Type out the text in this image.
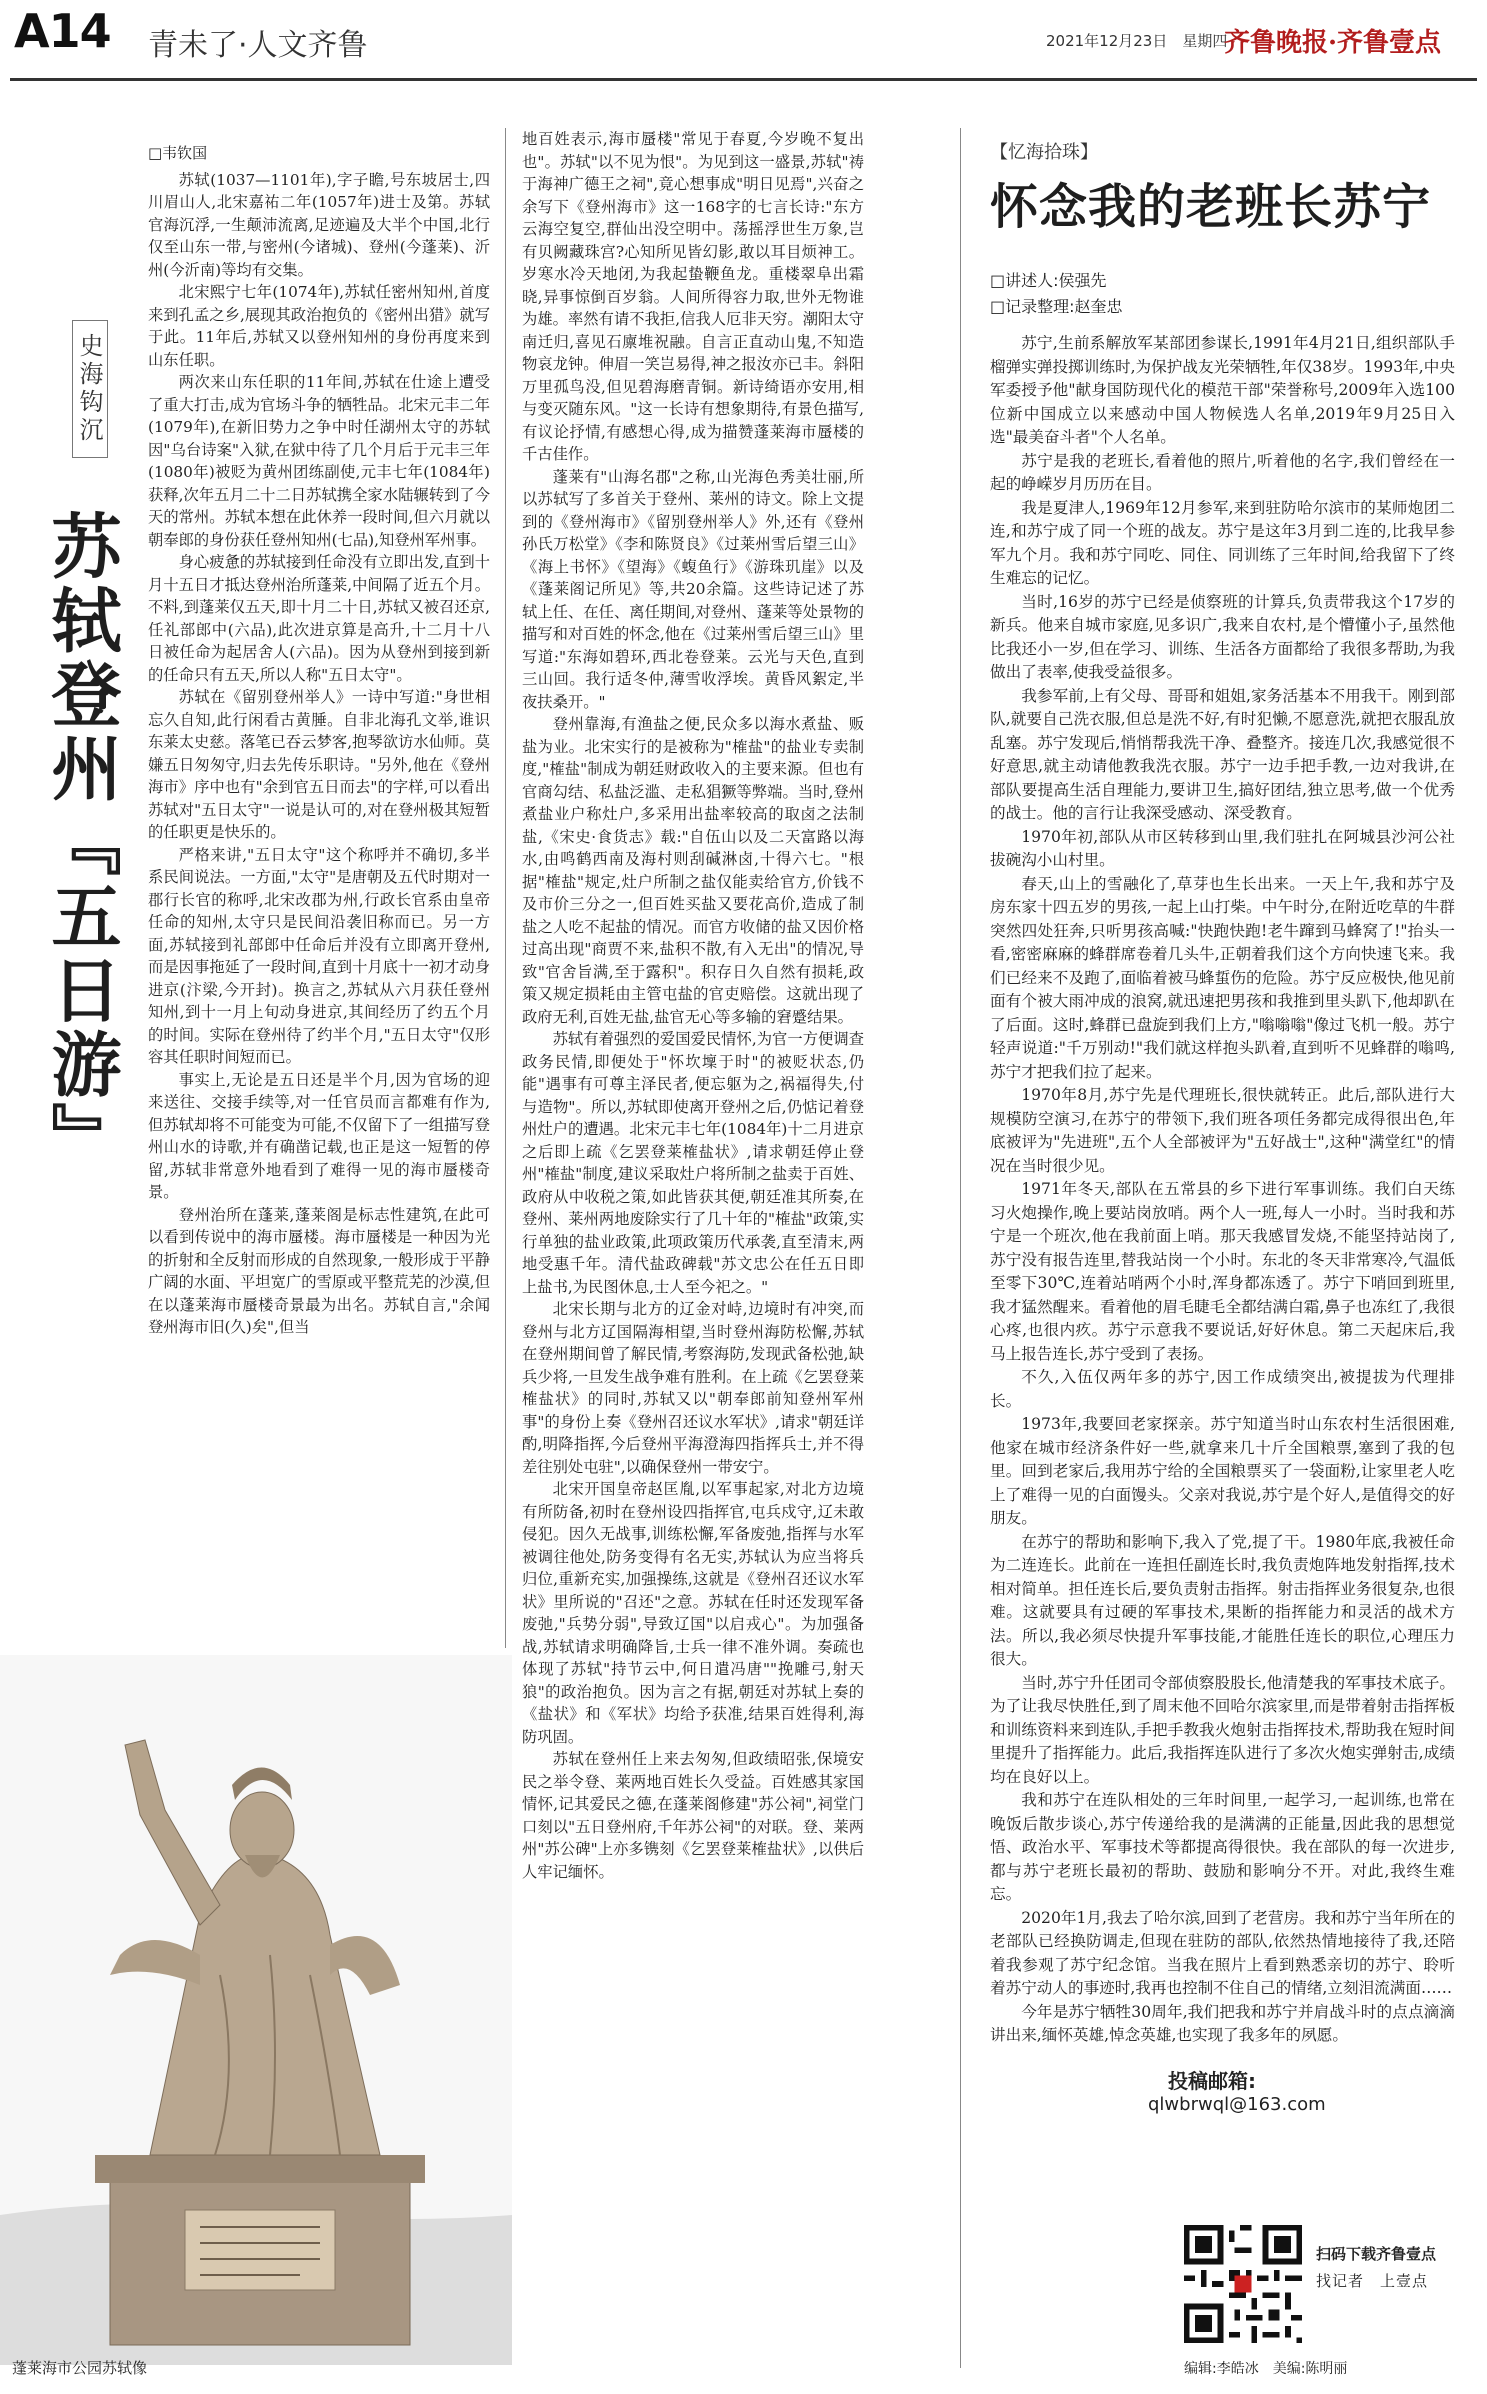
A14 青未了·人文齐鲁	2021年12月23日　星期四
齐鲁晚报·齐鲁壹点
史海钩沉
苏轼登州『五日游』

□韦钦国

苏轼(1037—1101年),字子瞻,号东坡居士,四川眉山人,北宋嘉祐二年(1057年)进士及第。苏轼官海沉浮,一生颠沛流离,足迹遍及大半个中国,北行仅至山东一带,与密州(今诸城)、登州(今蓬莱)、沂州(今沂南)等均有交集。

北宋熙宁七年(1074年),苏轼任密州知州,首度来到孔孟之乡,展现其政治抱负的《密州出猎》就写于此。11年后,苏轼又以登州知州的身份再度来到山东任职。

两次来山东任职的11年间,苏轼在仕途上遭受了重大打击,成为官场斗争的牺牲品。北宋元丰二年(1079年),在新旧势力之争中时任湖州太守的苏轼因"乌台诗案"入狱,在狱中待了几个月后于元丰三年(1080年)被贬为黄州团练副使,元丰七年(1084年)获释,次年五月二十二日苏轼携全家水陆辗转到了今天的常州。苏轼本想在此休养一段时间,但六月就以朝奉郎的身份获任登州知州(七品),知登州军州事。

身心疲惫的苏轼接到任命没有立即出发,直到十月十五日才抵达登州治所蓬莱,中间隔了近五个月。不料,到蓬莱仅五天,即十月二十日,苏轼又被召还京,任礼部郎中(六品),此次进京算是高升,十二月十八日被任命为起居舍人(六品)。因为从登州到接到新的任命只有五天,所以人称"五日太守"。

苏轼在《留别登州举人》一诗中写道:"身世相忘久自知,此行闲看古黄腄。自非北海孔文举,谁识东莱太史慈。落笔已吞云梦客,抱琴欲访水仙师。莫嫌五日匆匆守,归去先传乐职诗。"另外,他在《登州海市》序中也有"余到官五日而去"的字样,可以看出苏轼对"五日太守"一说是认可的,对在登州极其短暂的任职更是快乐的。

严格来讲,"五日太守"这个称呼并不确切,多半系民间说法。一方面,"太守"是唐朝及五代时期对一郡行长官的称呼,北宋改郡为州,行政长官系由皇帝任命的知州,太守只是民间沿袭旧称而已。另一方面,苏轼接到礼部郎中任命后并没有立即离开登州,而是因事拖延了一段时间,直到十月底十一初才动身进京(汴梁,今开封)。换言之,苏轼从六月获任登州知州,到十一月上旬动身进京,其间经历了约五个月的时间。实际在登州待了约半个月,"五日太守"仅形容其任职时间短而已。

事实上,无论是五日还是半个月,因为官场的迎来送往、交接手续等,对一任官员而言都难有作为,但苏轼却将不可能变为可能,不仅留下了一组描写登州山水的诗歌,并有确凿记载,也正是这一短暂的停留,苏轼非常意外地看到了难得一见的海市蜃楼奇景。

登州治所在蓬莱,蓬莱阁是标志性建筑,在此可以看到传说中的海市蜃楼。海市蜃楼是一种因为光的折射和全反射而形成的自然现象,一般形成于平静广阔的水面、平坦宽广的雪原或平整荒芜的沙漠,但在以蓬莱海市蜃楼奇景最为出名。苏轼自言,"余闻登州海市旧(久)矣",但当

地百姓表示,海市蜃楼"常见于春夏,今岁晚不复出也"。苏轼"以不见为恨"。为见到这一盛景,苏轼"祷于海神广德王之祠",竟心想事成"明日见焉",兴奋之余写下《登州海市》这一168字的七言长诗:"东方云海空复空,群仙出没空明中。荡摇浮世生万象,岂有贝阙藏珠宫?心知所见皆幻影,敢以耳目烦神工。岁寒水冷天地闭,为我起蛰鞭鱼龙。重楼翠阜出霜晓,异事惊倒百岁翁。人间所得容力取,世外无物谁为雄。率然有请不我拒,信我人厄非天穷。潮阳太守南迁归,喜见石廪堆祝融。自言正直动山鬼,不知造物哀龙钟。伸眉一笑岂易得,神之报汝亦已丰。斜阳万里孤鸟没,但见碧海磨青铜。新诗绮语亦安用,相与变灭随东风。"这一长诗有想象期待,有景色描写,有议论抒情,有感想心得,成为描赞蓬莱海市蜃楼的千古佳作。

蓬莱有"山海名郡"之称,山光海色秀美壮丽,所以苏轼写了多首关于登州、莱州的诗文。除上文提到的《登州海市》《留别登州举人》外,还有《登州孙氏万松堂》《李和陈贤良》《过莱州雪后望三山》《海上书怀》《望海》《蝮鱼行》《游珠玑崖》以及《蓬莱阁记所见》等,共20余篇。这些诗记述了苏轼上任、在任、离任期间,对登州、蓬莱等处景物的描写和对百姓的怀念,他在《过莱州雪后望三山》里写道:"东海如碧环,西北卷登莱。云光与天色,直到三山回。我行适冬仲,薄雪收浮埃。黄昏风絮定,半夜扶桑开。"

登州靠海,有渔盐之便,民众多以海水煮盐、贩盐为业。北宋实行的是被称为"榷盐"的盐业专卖制度,"榷盐"制成为朝廷财政收入的主要来源。但也有官商勾结、私盐泛滥、走私猖獗等弊端。当时,登州煮盐业户称灶户,多采用出盐率较高的取卤之法制盐,《宋史·食货志》载:"自伍山以及二天富路以海水,由鸣鹤西南及海村则刮碱淋卤,十得六七。"根据"榷盐"规定,灶户所制之盐仅能卖给官方,价钱不及市价三分之一,但百姓买盐又要花高价,造成了制盐之人吃不起盐的情况。而官方收储的盐又因价格过高出现"商贾不来,盐积不散,有入无出"的情况,导致"官舍旨满,至于露积"。积存日久自然有损耗,政策又规定损耗由主管屯盐的官吏赔偿。这就出现了政府无利,百姓无盐,盐官无心等多输的窘蹙结果。

苏轼有着强烈的爱国爱民情怀,为官一方便调查政务民情,即便处于"怀坎壈于时"的被贬状态,仍能"遇事有可尊主泽民者,便忘躯为之,祸福得失,付与造物"。所以,苏轼即使离开登州之后,仍惦记着登州灶户的遭遇。北宋元丰七年(1084年)十二月进京之后即上疏《乞罢登莱榷盐状》,请求朝廷停止登州"榷盐"制度,建议采取灶户将所制之盐卖于百姓、政府从中收税之策,如此皆获其便,朝廷准其所奏,在登州、莱州两地废除实行了几十年的"榷盐"政策,实行单独的盐业政策,此项政策历代承袭,直至清末,两地受惠千年。清代盐政碑载"苏文忠公在任五日即上盐书,为民图休息,士人至今祀之。"

北宋长期与北方的辽金对峙,边境时有冲突,而登州与北方辽国隔海相望,当时登州海防松懈,苏轼在登州期间曾了解民情,考察海防,发现武备松弛,缺兵少将,一旦发生战争难有胜利。在上疏《乞罢登莱榷盐状》的同时,苏轼又以"朝奉郎前知登州军州事"的身份上奏《登州召还议水军状》,请求"朝廷详酌,明降指挥,今后登州平海澄海四指挥兵士,并不得差往别处屯驻",以确保登州一带安宁。

北宋开国皇帝赵匡胤,以军事起家,对北方边境有所防备,初时在登州设四指挥官,屯兵戍守,辽未敢侵犯。因久无战事,训练松懈,军备废弛,指挥与水军被调往他处,防务变得有名无实,苏轼认为应当将兵归位,重新充实,加强操练,这就是《登州召还议水军状》里所说的"召还"之意。苏轼在任时还发现军备废弛,"兵势分弱",导致辽国"以启戎心"。为加强备战,苏轼请求明确降旨,士兵一律不准外调。奏疏也体现了苏轼"持节云中,何日遣冯唐""挽雕弓,射天狼"的政治抱负。因为言之有据,朝廷对苏轼上奏的《盐状》和《军状》均给予获准,结果百姓得利,海防巩固。

苏轼在登州任上来去匆匆,但政绩昭张,保境安民之举令登、莱两地百姓长久受益。百姓感其家国情怀,记其爱民之德,在蓬莱阁修建"苏公祠",祠堂门口刻以"五日登州府,千年苏公祠"的对联。登、莱两州"苏公碑"上亦多镌刻《乞罢登莱榷盐状》,以供后人牢记缅怀。

蓬莱海市公园苏轼像
【忆海拾珠】
怀念我的老班长苏宁
□讲述人:侯强先
□记录整理:赵奎忠

苏宁,生前系解放军某部团参谋长,1991年4月21日,组织部队手榴弹实弹投掷训练时,为保护战友光荣牺牲,年仅38岁。1993年,中央军委授予他"献身国防现代化的模范干部"荣誉称号,2009年入选100位新中国成立以来感动中国人物候选人名单,2019年9月25日入选"最美奋斗者"个人名单。

苏宁是我的老班长,看着他的照片,听着他的名字,我们曾经在一起的峥嵘岁月历历在目。

我是夏津人,1969年12月参军,来到驻防哈尔滨市的某师炮团二连,和苏宁成了同一个班的战友。苏宁是这年3月到二连的,比我早参军九个月。我和苏宁同吃、同住、同训练了三年时间,给我留下了终生难忘的记忆。

当时,16岁的苏宁已经是侦察班的计算兵,负责带我这个17岁的新兵。他来自城市家庭,见多识广,我来自农村,是个懵懂小子,虽然他比我还小一岁,但在学习、训练、生活各方面都给了我很多帮助,为我做出了表率,使我受益很多。

我参军前,上有父母、哥哥和姐姐,家务活基本不用我干。刚到部队,就要自己洗衣服,但总是洗不好,有时犯懒,不愿意洗,就把衣服乱放乱塞。苏宁发现后,悄悄帮我洗干净、叠整齐。接连几次,我感觉很不好意思,就主动请他教我洗衣服。苏宁一边手把手教,一边对我讲,在部队要提高生活自理能力,要讲卫生,搞好团结,独立思考,做一个优秀的战士。他的言行让我深受感动、深受教育。

1970年初,部队从市区转移到山里,我们驻扎在阿城县沙河公社拔碗沟小山村里。

春天,山上的雪融化了,草芽也生长出来。一天上午,我和苏宁及房东家十四五岁的男孩,一起上山打柴。中午时分,在附近吃草的牛群突然四处狂奔,只听男孩高喊:"快跑快跑!老牛蹿到马蜂窝了!"抬头一看,密密麻麻的蜂群席卷着几头牛,正朝着我们这个方向快速飞来。我们已经来不及跑了,面临着被马蜂蜇伤的危险。苏宁反应极快,他见前面有个被大雨冲成的浪窝,就迅速把男孩和我推到里头趴下,他却趴在了后面。这时,蜂群已盘旋到我们上方,"嗡嗡嗡"像过飞机一般。苏宁轻声说道:"千万别动!"我们就这样抱头趴着,直到听不见蜂群的嗡鸣,苏宁才把我们拉了起来。

1970年8月,苏宁先是代理班长,很快就转正。此后,部队进行大规模防空演习,在苏宁的带领下,我们班各项任务都完成得很出色,年底被评为"先进班",五个人全部被评为"五好战士",这种"满堂红"的情况在当时很少见。

1971年冬天,部队在五常县的乡下进行军事训练。我们白天练习火炮操作,晚上要站岗放哨。两个人一班,每人一小时。当时我和苏宁是一个班次,他在我前面上哨。那天我感冒发烧,不能坚持站岗了,苏宁没有报告连里,替我站岗一个小时。东北的冬天非常寒冷,气温低至零下30℃,连着站哨两个小时,浑身都冻透了。苏宁下哨回到班里,我才猛然醒来。看着他的眉毛睫毛全都结满白霜,鼻子也冻红了,我很心疼,也很内疚。苏宁示意我不要说话,好好休息。第二天起床后,我马上报告连长,苏宁受到了表扬。

不久,入伍仅两年多的苏宁,因工作成绩突出,被提拔为代理排长。

1973年,我要回老家探亲。苏宁知道当时山东农村生活很困难,他家在城市经济条件好一些,就拿来几十斤全国粮票,塞到了我的包里。回到老家后,我用苏宁给的全国粮票买了一袋面粉,让家里老人吃上了难得一见的白面馒头。父亲对我说,苏宁是个好人,是值得交的好朋友。

在苏宁的帮助和影响下,我入了党,提了干。1980年底,我被任命为二连连长。此前在一连担任副连长时,我负责炮阵地发射指挥,技术相对简单。担任连长后,要负责射击指挥。射击指挥业务很复杂,也很难。这就要具有过硬的军事技术,果断的指挥能力和灵活的战术方法。所以,我必须尽快提升军事技能,才能胜任连长的职位,心理压力很大。

当时,苏宁升任团司令部侦察股股长,他清楚我的军事技术底子。为了让我尽快胜任,到了周末他不回哈尔滨家里,而是带着射击指挥板和训练资料来到连队,手把手教我火炮射击指挥技术,帮助我在短时间里提升了指挥能力。此后,我指挥连队进行了多次火炮实弹射击,成绩均在良好以上。

我和苏宁在连队相处的三年时间里,一起学习,一起训练,也常在晚饭后散步谈心,苏宁传递给我的是满满的正能量,因此我的思想觉悟、政治水平、军事技术等都提高得很快。我在部队的每一次进步,都与苏宁老班长最初的帮助、鼓励和影响分不开。对此,我终生难忘。

2020年1月,我去了哈尔滨,回到了老营房。我和苏宁当年所在的老部队已经换防调走,但现在驻防的部队,依然热情地接待了我,还陪着我参观了苏宁纪念馆。当我在照片上看到熟悉亲切的苏宁、聆听着苏宁动人的事迹时,我再也控制不住自己的情绪,立刻泪流满面……

今年是苏宁牺牲30周年,我们把我和苏宁并肩战斗时的点点滴滴讲出来,缅怀英雄,悼念英雄,也实现了我多年的夙愿。

投稿邮箱:
qlwbrwql@163.com
扫码下载齐鲁壹点
找记者　上壹点
编辑:李皓冰　美编:陈明丽
